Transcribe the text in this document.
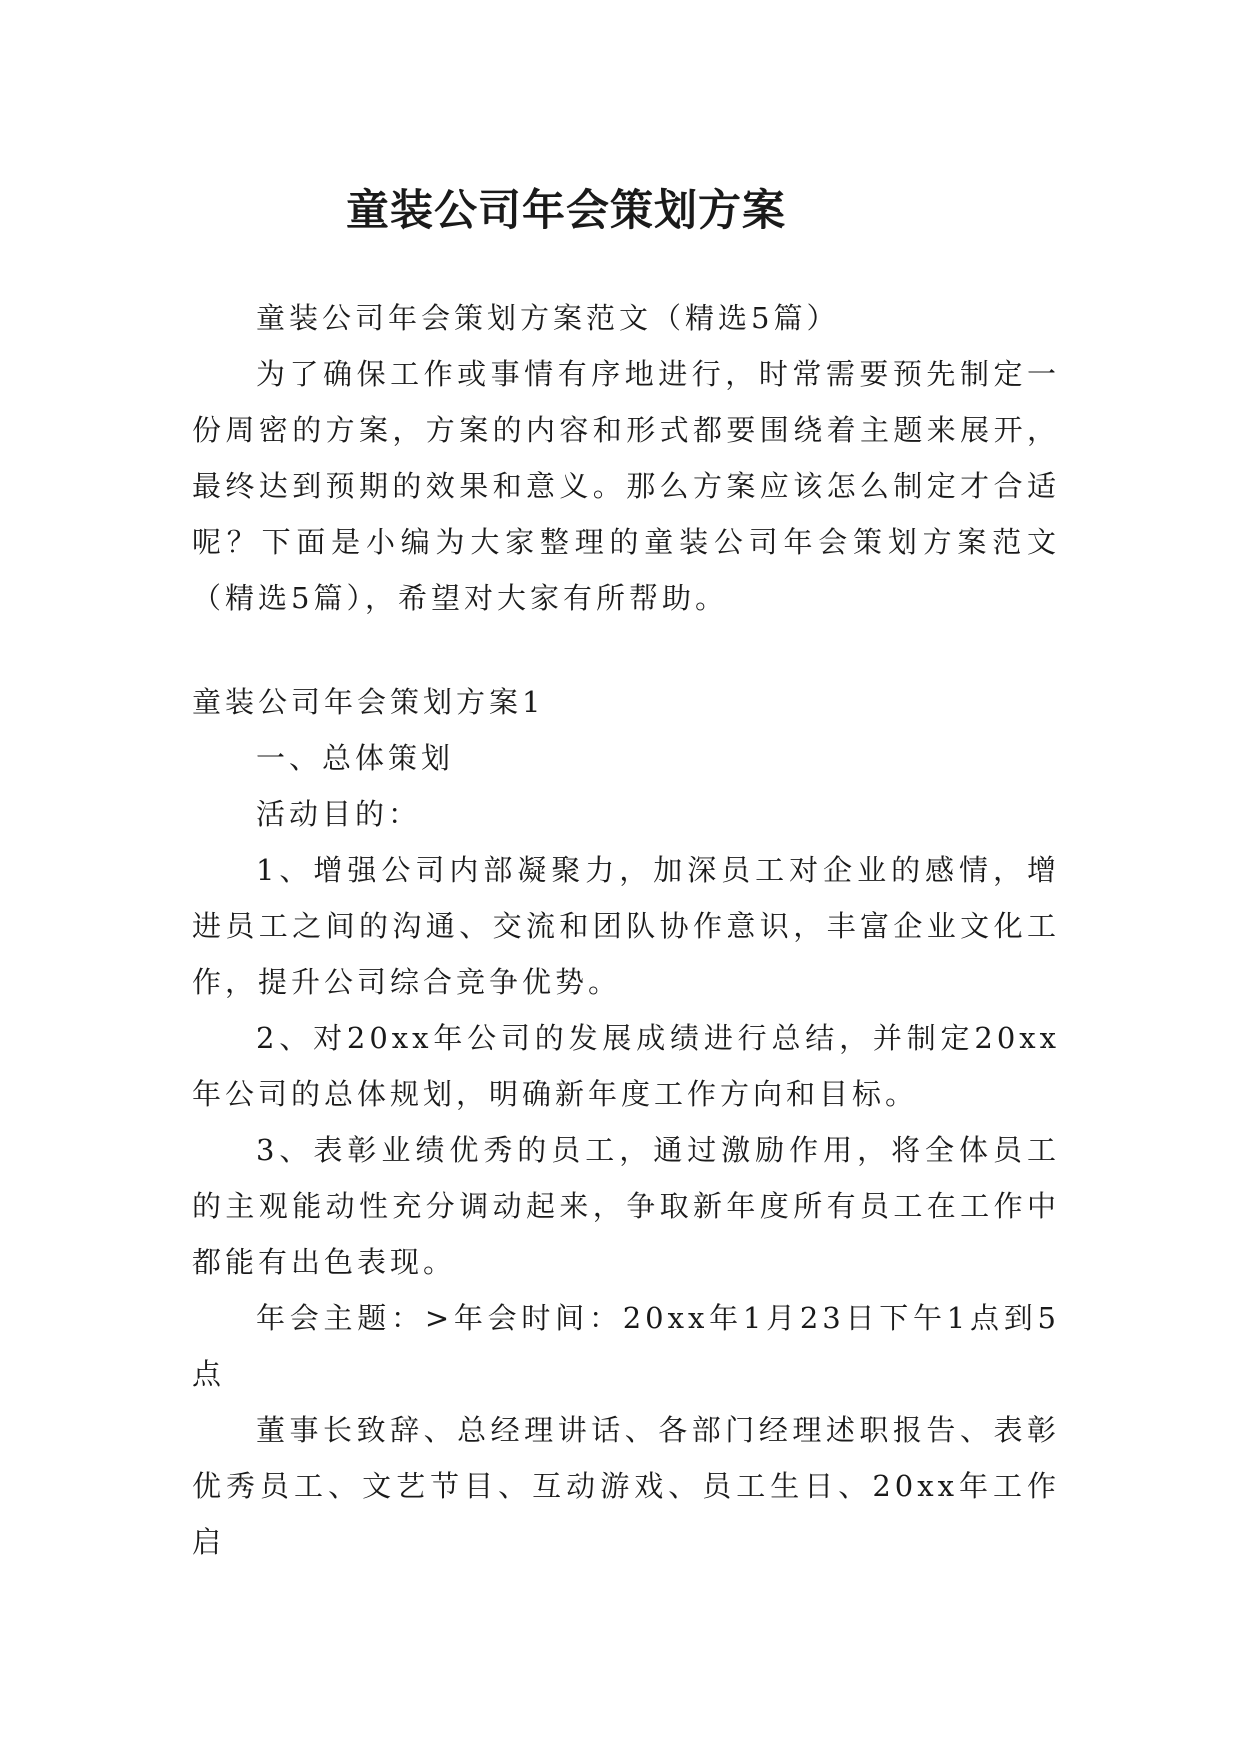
童装公司年会策划方案

童装公司年会策划方案范文（精选5篇）

为了确保工作或事情有序地进行，时常需要预先制定一份周密的方案，方案的内容和形式都要围绕着主题来展开，最终达到预期的效果和意义。那么方案应该怎么制定才合适呢？下面是小编为大家整理的童装公司年会策划方案范文（精选5篇），希望对大家有所帮助。

童装公司年会策划方案1

一、总体策划

活动目的：

1、增强公司内部凝聚力，加深员工对企业的感情，增进员工之间的沟通、交流和团队协作意识，丰富企业文化工作，提升公司综合竞争优势。

2、对20xx年公司的发展成绩进行总结，并制定20xx年公司的总体规划，明确新年度工作方向和目标。

3、表彰业绩优秀的员工，通过激励作用，将全体员工的主观能动性充分调动起来，争取新年度所有员工在工作中都能有出色表现。

年会主题：>年会时间：20xx年1月23日下午1点到5点

董事长致辞、总经理讲话、各部门经理述职报告、表彰优秀员工、文艺节目、互动游戏、员工生日、20xx年工作启
